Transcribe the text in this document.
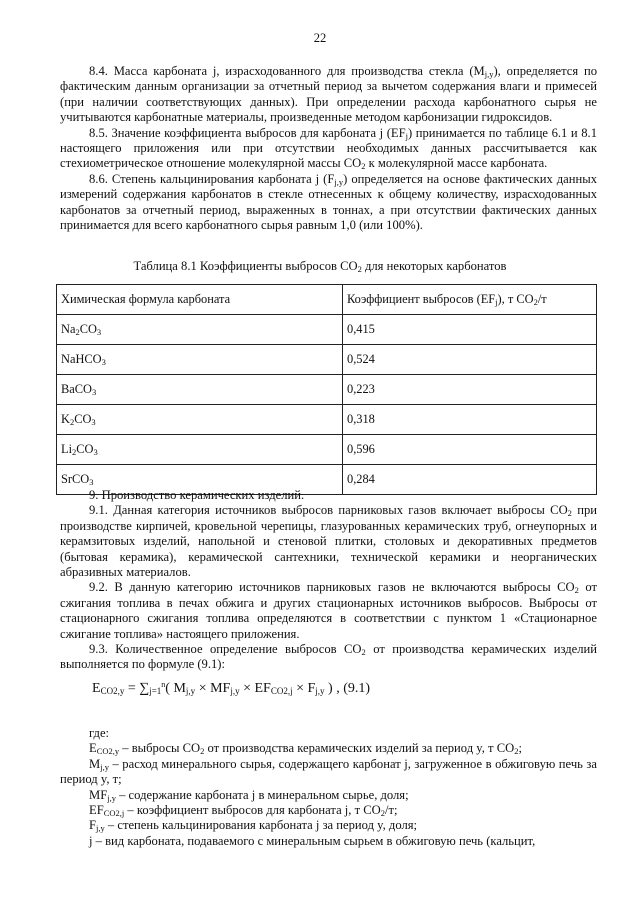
22

8.4. Масса карбоната j, израсходованного для производства стекла $(M_{j,y})$, определяется по фактическим данным организации за отчетный период за вычетом содержания влаги и примесей (при наличии соответствующих данных). При определении расхода карбонатного сырья не учитываются карбонатные материалы, произведенные методом карбонизации гидроксидов.

8.5. Значение коэффициента выбросов для карбоната j $(EF_j)$ принимается по таблице 6.1 и 8.1 настоящего приложения или при отсутствии необходимых данных рассчитывается как стехиометрическое отношение молекулярной массы $CO_2$ к молекулярной массе карбоната.

8.6. Степень кальцинирования карбоната j $(F_{j,y})$ определяется на основе фактических данных измерений содержания карбонатов в стекле отнесенных к общему количеству, израсходованных карбонатов за отчетный период, выраженных в тоннах, а при отсутствии фактических данных принимается для всего карбонатного сырья равным 1,0 (или 100%).

Таблица 8.1 Коэффициенты выбросов $CO_2$ для некоторых карбонатов
Химическая формула карбоната	Коэффициент выбросов $(EF_j)$, т $CO_2/т$
$Na_2CO_3$	0,415
NaHCO$_3$	0,524
BaCO$_3$	0,223
$K_2CO_3$	0,318
$Li_2CO_3$	0,596
SrCO$_3$	0,284

9. Производство керамических изделий.

9.1. Данная категория источников выбросов парниковых газов включает выбросы $CO_2$ при производстве кирпичей, кровельной черепицы, глазурованных керамических труб, огнеупорных и керамзитовых изделий, напольной и стеновой плитки, столовых и декоративных предметов (бытовая керамика), керамической сантехники, технической керамики и неорганических абразивных материалов.

9.2. В данную категорию источников парниковых газов не включаются выбросы $CO_2$ от сжигания топлива в печах обжига и других стационарных источников выбросов. Выбросы от стационарного сжигания топлива определяются в соответствии с пунктом 1 «Стационарное сжигание топлива» настоящего приложения.

9.3. Количественное определение выбросов $CO_2$ от производства керамических изделий выполняется по формуле (9.1):

$E_{CO2,y} = \sum_{j=1}^n$( $M_{j,y} \times MF_{j,y} \times EF_{CO2,j} \times F_{j,y}$ ) , (9.1)

где:

$E_{CO2,y}$ – выбросы $CO_2$ от производства керамических изделий за период y, т $CO_2$;

$M_{j,y}$ – расход минерального сырья, содержащего карбонат j, загруженное в обжиговую печь за период y, т;

$MF_{j,y}$ – содержание карбоната j в минеральном сырье, доля;

$EF_{CO2,j}$ – коэффициент выбросов для карбоната j, т $CO_2/т$;

$F_{j,y}$ – степень кальцинирования карбоната j за период y, доля;

j – вид карбоната, подаваемого с минеральным сырьем в обжиговую печь (кальцит,
